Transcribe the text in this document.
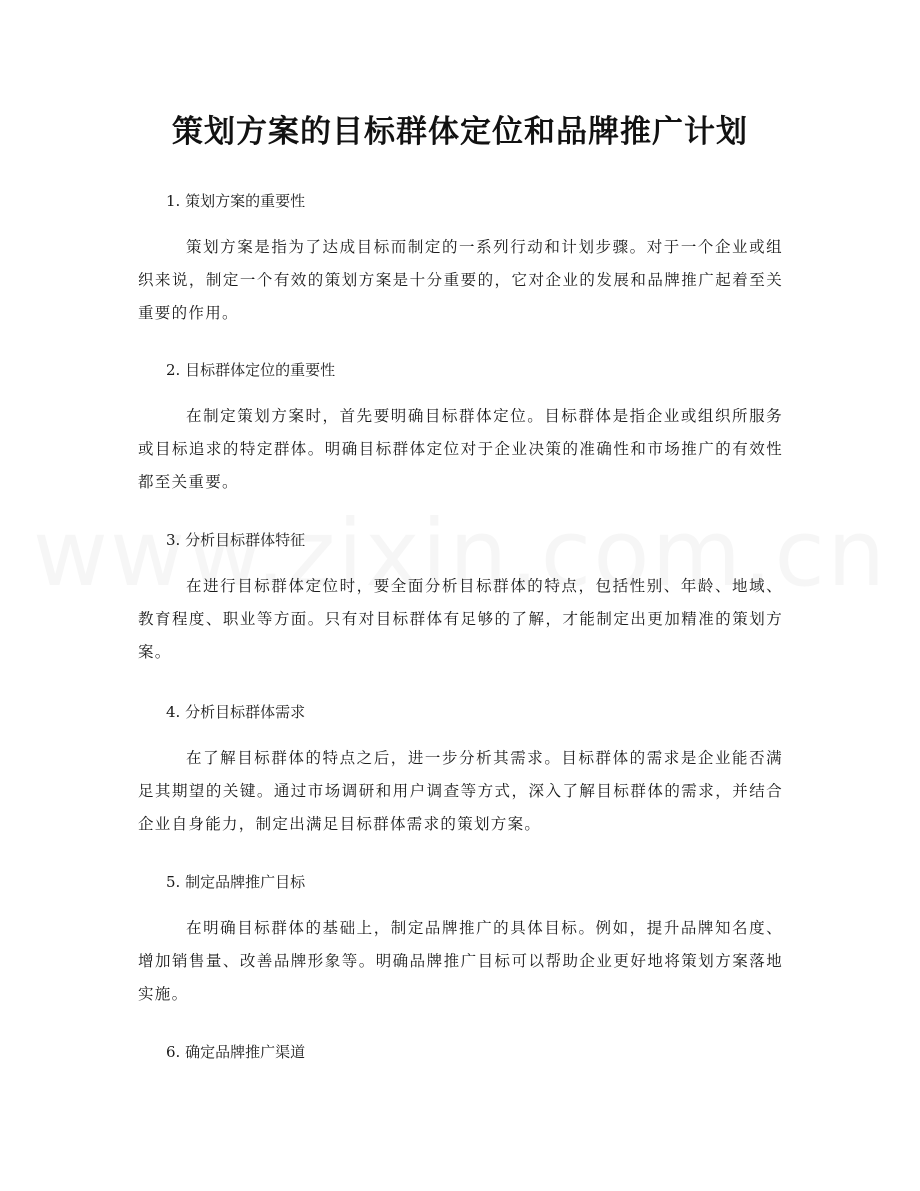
策划方案的目标群体定位和品牌推广计划
1. 策划方案的重要性
策划方案是指为了达成目标而制定的一系列行动和计划步骤。对于一个企业或组织来说，制定一个有效的策划方案是十分重要的，它对企业的发展和品牌推广起着至关重要的作用。
2. 目标群体定位的重要性
在制定策划方案时，首先要明确目标群体定位。目标群体是指企业或组织所服务或目标追求的特定群体。明确目标群体定位对于企业决策的准确性和市场推广的有效性都至关重要。
3. 分析目标群体特征
在进行目标群体定位时，要全面分析目标群体的特点，包括性别、年龄、地域、教育程度、职业等方面。只有对目标群体有足够的了解，才能制定出更加精准的策划方案。
4. 分析目标群体需求
在了解目标群体的特点之后，进一步分析其需求。目标群体的需求是企业能否满足其期望的关键。通过市场调研和用户调查等方式，深入了解目标群体的需求，并结合企业自身能力，制定出满足目标群体需求的策划方案。
5. 制定品牌推广目标
在明确目标群体的基础上，制定品牌推广的具体目标。例如，提升品牌知名度、增加销售量、改善品牌形象等。明确品牌推广目标可以帮助企业更好地将策划方案落地实施。
6. 确定品牌推广渠道
